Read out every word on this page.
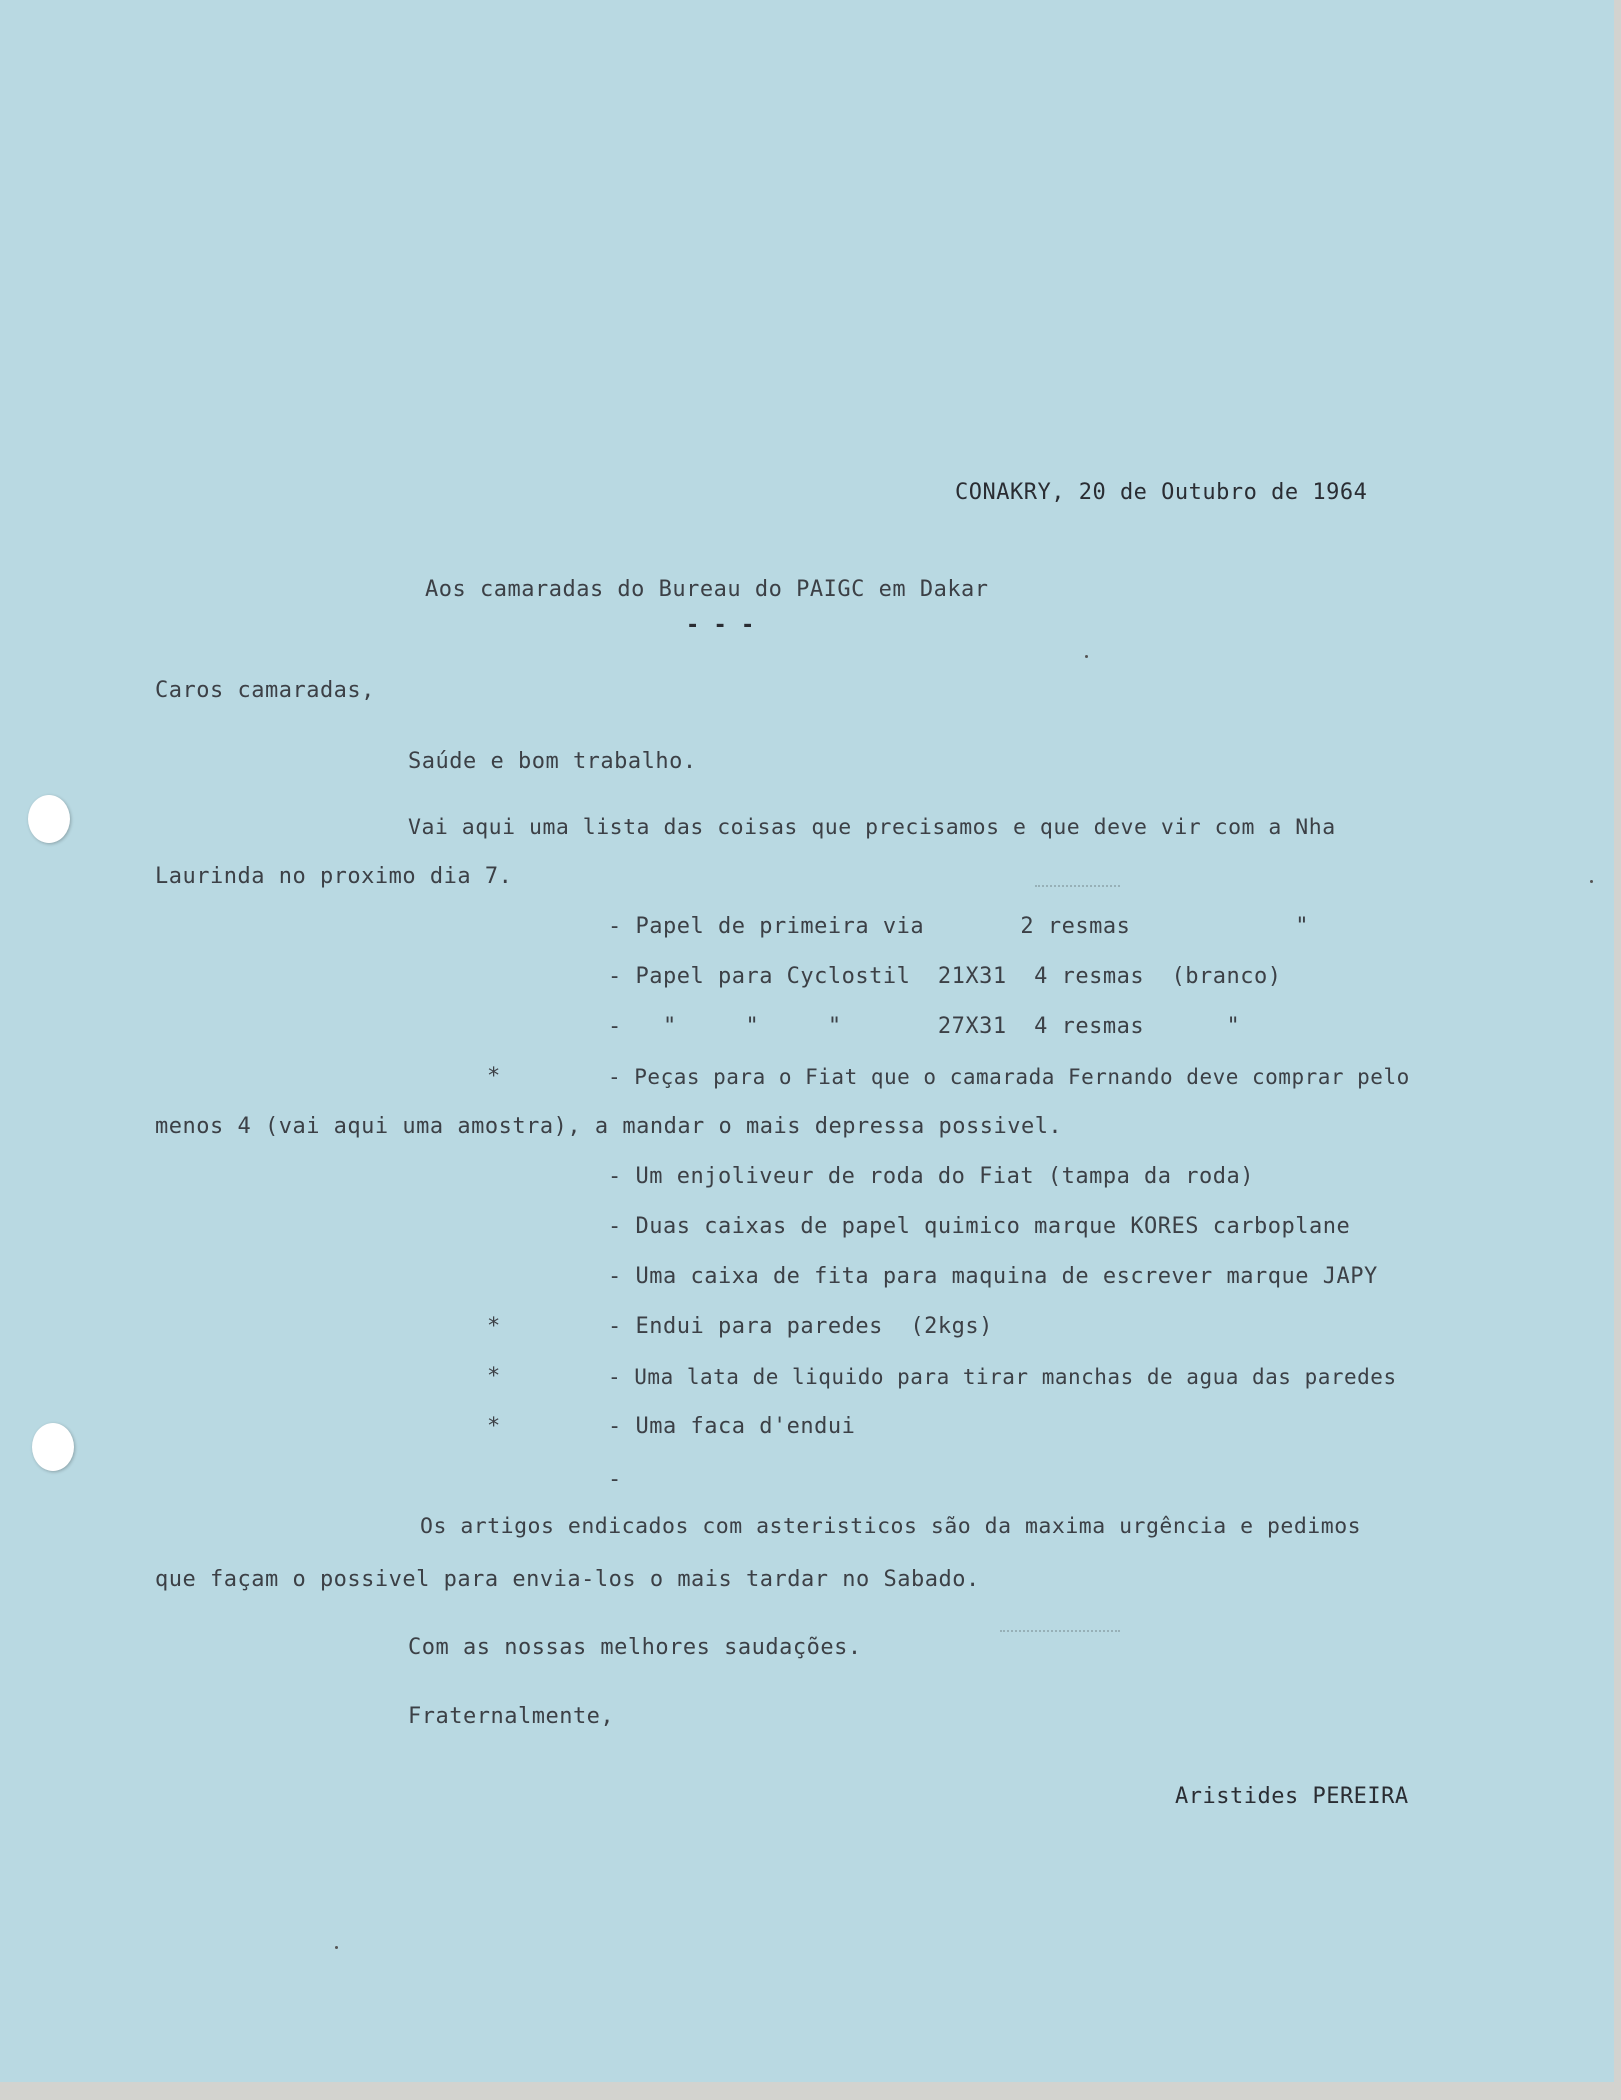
CONAKRY, 20 de Outubro de 1964
Aos camaradas do Bureau do PAIGC em Dakar
- - -
Caros camaradas,
Saúde e bom trabalho.
Vai aqui uma lista das coisas que precisamos e que deve vir com a Nha
Laurinda no proximo dia 7.
- Papel de primeira via       2 resmas            "
- Papel para Cyclostil  21X31  4 resmas  (branco)
-   "     "     "       27X31  4 resmas      "
*	- Peças para o Fiat que o camarada Fernando deve comprar pelo
menos 4 (vai aqui uma amostra), a mandar o mais depressa possivel.
- Um enjoliveur de roda do Fiat (tampa da roda)
- Duas caixas de papel quimico marque KORES carboplane
- Uma caixa de fita para maquina de escrever marque JAPY
*	- Endui para paredes  (2kgs)
*	- Uma lata de liquido para tirar manchas de agua das paredes
*	- Uma faca d'endui
-
Os artigos endicados com asteristicos são da maxima urgência e pedimos
que façam o possivel para envia-los o mais tardar no Sabado.
Com as nossas melhores saudações.
Fraternalmente,
Aristides PEREIRA
